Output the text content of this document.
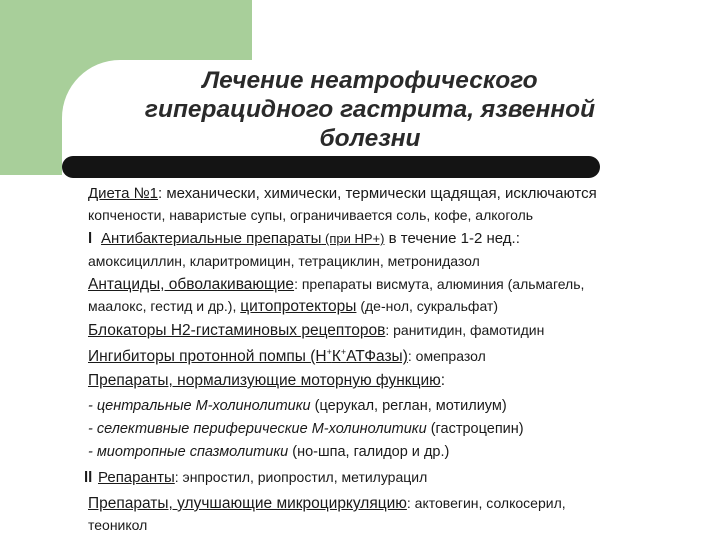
Лечение неатрофического
гиперацидного гастрита, язвенной
болезни
Диета №1: механически, химически, термически щадящая, исключаются
копчености, наваристые супы, ограничивается соль, кофе, алкоголь
l Антибактериальные препараты (при HP+) в течение 1-2 нед.:
амоксициллин, кларитромицин, тетрациклин, метронидазол
Антациды, обволакивающие: препараты висмута, алюминия (альмагель,
маалокс, гестид и др.), цитопротекторы (де-нол, сукральфат)
Блокаторы Н2-гистаминовых рецепторов: ранитидин, фамотидин
Ингибиторы протонной помпы (Н+К+АТФазы): омепразол
Препараты, нормализующие моторную функцию:
- центральные М-холинолитики (церукал, реглан, мотилиум)
- селективные периферические М-холинолитики (гастроцепин)
- миотропные спазмолитики (но-шпа, галидор и др.)
ll Репаранты: энпростил, риопростил, метилурацил
Препараты, улучшающие микроциркуляцию: актовегин, солкосерил,
теоникол
